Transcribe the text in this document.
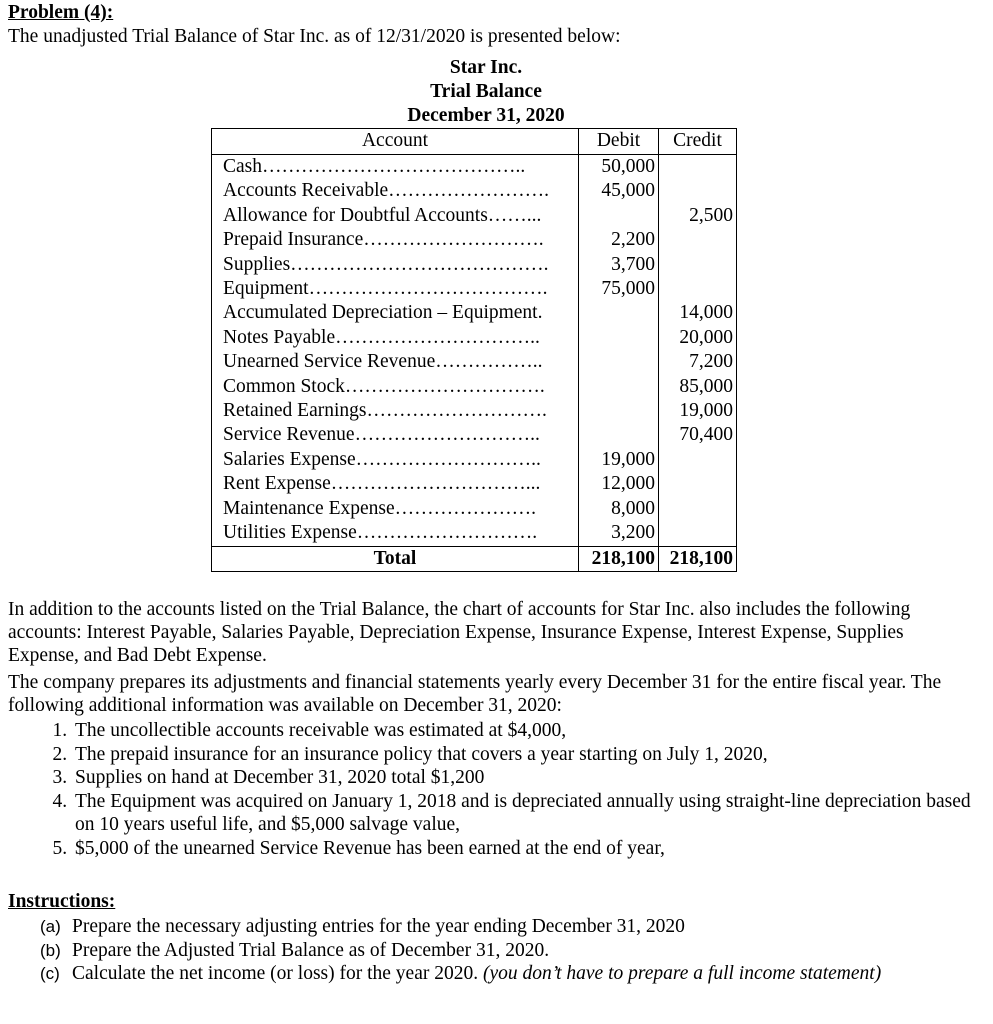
Problem (4):
The unadjusted Trial Balance of Star Inc. as of 12/31/2020 is presented below:
Star Inc.
Trial Balance
December 31, 2020
Account	Debit	Credit
Cash…………………………………..	50,000	
Accounts Receivable…………………….	45,000	
Allowance for Doubtful Accounts……...		2,500
Prepaid Insurance……………………….	2,200	
Supplies………………………………….	3,700	
Equipment……………………………….	75,000	
Accumulated Depreciation – Equipment.		14,000
Notes Payable…………………………..		20,000
Unearned Service Revenue……………..		7,200
Common Stock………………………….		85,000
Retained Earnings……………………….		19,000
Service Revenue………………………..		70,400
Salaries Expense………………………..	19,000	
Rent Expense…………………………...	12,000	
Maintenance Expense………………….	8,000	
Utilities Expense……………………….	3,200	
Total	218,100	218,100
In addition to the accounts listed on the Trial Balance, the chart of accounts for Star Inc. also includes the following accounts: Interest Payable, Salaries Payable, Depreciation Expense, Insurance Expense, Interest Expense, Supplies Expense, and Bad Debt Expense.
The company prepares its adjustments and financial statements yearly every December 31 for the entire fiscal year. The following additional information was available on December 31, 2020:
1. The uncollectible accounts receivable was estimated at $4,000,
2. The prepaid insurance for an insurance policy that covers a year starting on July 1, 2020,
3. Supplies on hand at December 31, 2020 total $1,200
4. The Equipment was acquired on January 1, 2018 and is depreciated annually using straight-line depreciation based on 10 years useful life, and $5,000 salvage value,
5. $5,000 of the unearned Service Revenue has been earned at the end of year,
Instructions:
(a) Prepare the necessary adjusting entries for the year ending December 31, 2020
(b) Prepare the Adjusted Trial Balance as of December 31, 2020.
(c) Calculate the net income (or loss) for the year 2020. (you don’t have to prepare a full income statement)
